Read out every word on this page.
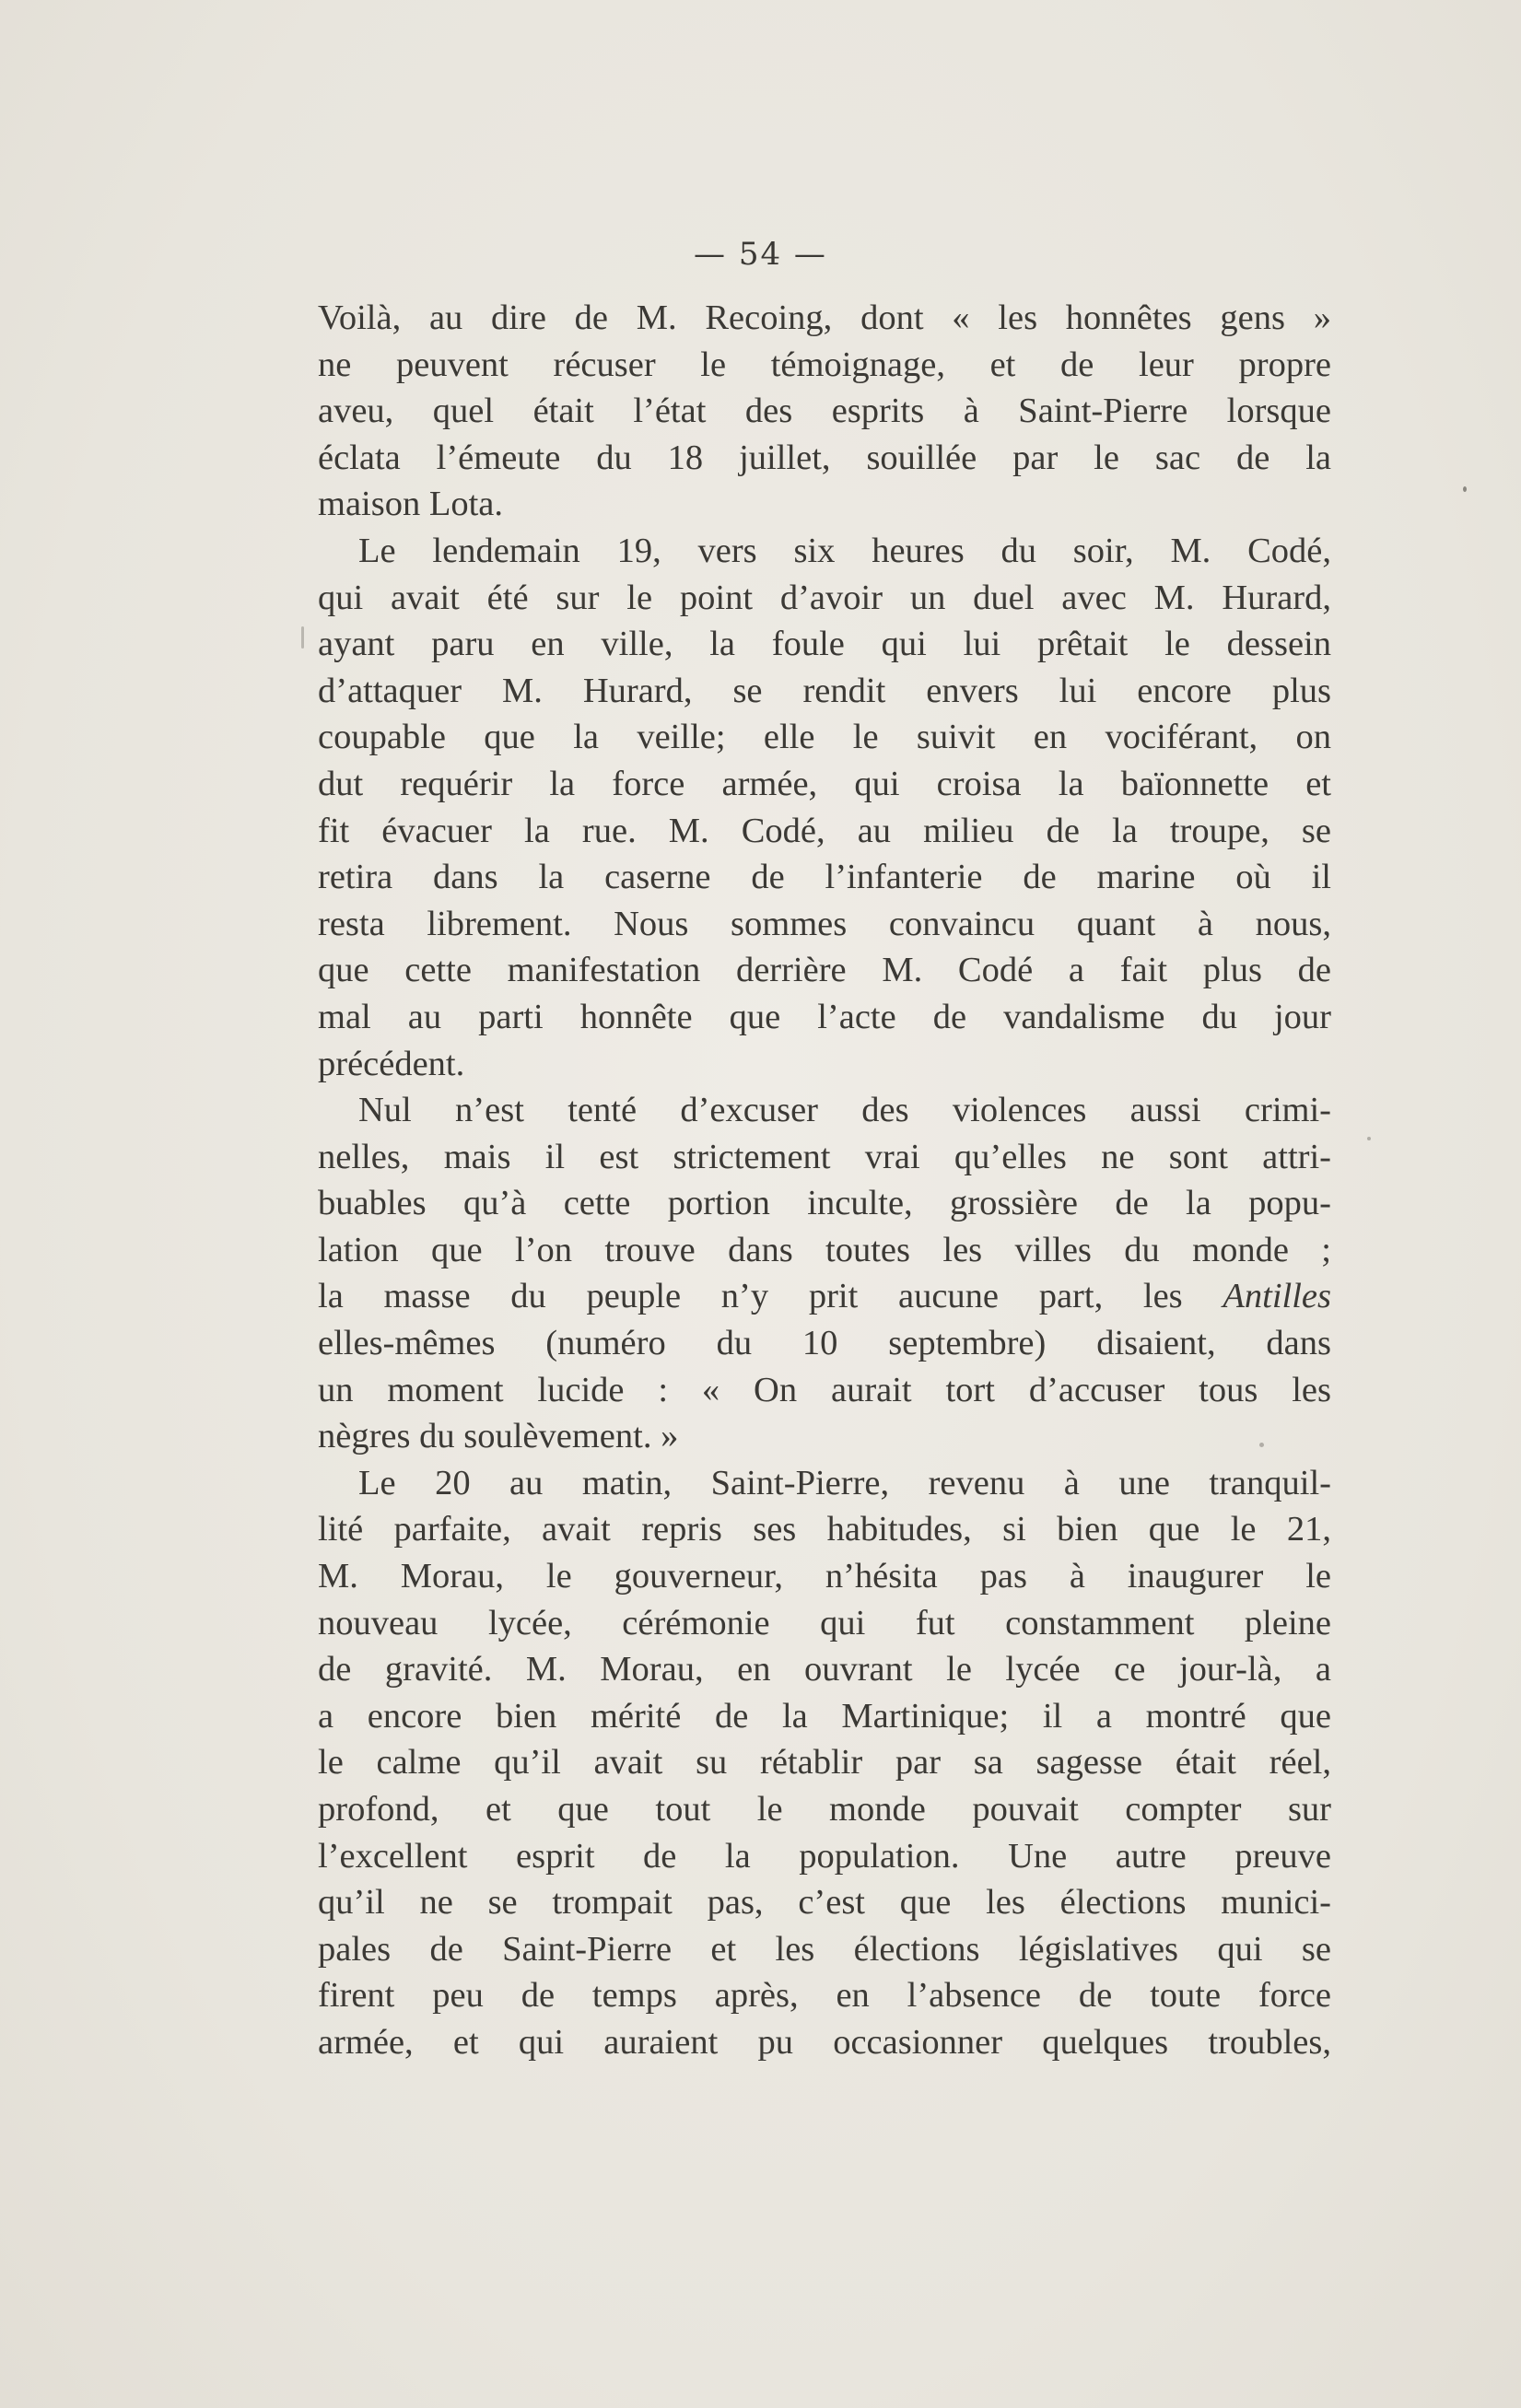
— 54 —
Voilà, au dire de M. Recoing, dont « les honnêtes gens »
ne peuvent récuser le témoignage, et de leur propre
aveu, quel était l’état des esprits à Saint-Pierre lorsque
éclata l’émeute du 18 juillet, souillée par le sac de la
maison Lota.
Le lendemain 19, vers six heures du soir, M. Codé,
qui avait été sur le point d’avoir un duel avec M. Hurard,
ayant paru en ville, la foule qui lui prêtait le dessein
d’attaquer M. Hurard, se rendit envers lui encore plus
coupable que la veille; elle le suivit en vociférant, on
dut requérir la force armée, qui croisa la baïonnette et
fit évacuer la rue. M. Codé, au milieu de la troupe, se
retira dans la caserne de l’infanterie de marine où il
resta librement. Nous sommes convaincu quant à nous,
que cette manifestation derrière M. Codé a fait plus de
mal au parti honnête que l’acte de vandalisme du jour
précédent.
Nul n’est tenté d’excuser des violences aussi crimi-
nelles, mais il est strictement vrai qu’elles ne sont attri-
buables qu’à cette portion inculte, grossière de la popu-
lation que l’on trouve dans toutes les villes du monde ;
la masse du peuple n’y prit aucune part, les Antilles
elles-mêmes (numéro du 10 septembre) disaient, dans
un moment lucide : « On aurait tort d’accuser tous les
nègres du soulèvement. »
Le 20 au matin, Saint-Pierre, revenu à une tranquil-
lité parfaite, avait repris ses habitudes, si bien que le 21,
M. Morau, le gouverneur, n’hésita pas à inaugurer le
nouveau lycée, cérémonie qui fut constamment pleine
de gravité. M. Morau, en ouvrant le lycée ce jour-là, a
a encore bien mérité de la Martinique; il a montré que
le calme qu’il avait su rétablir par sa sagesse était réel,
profond, et que tout le monde pouvait compter sur
l’excellent esprit de la population. Une autre preuve
qu’il ne se trompait pas, c’est que les élections munici-
pales de Saint-Pierre et les élections législatives qui se
firent peu de temps après, en l’absence de toute force
armée, et qui auraient pu occasionner quelques troubles,
